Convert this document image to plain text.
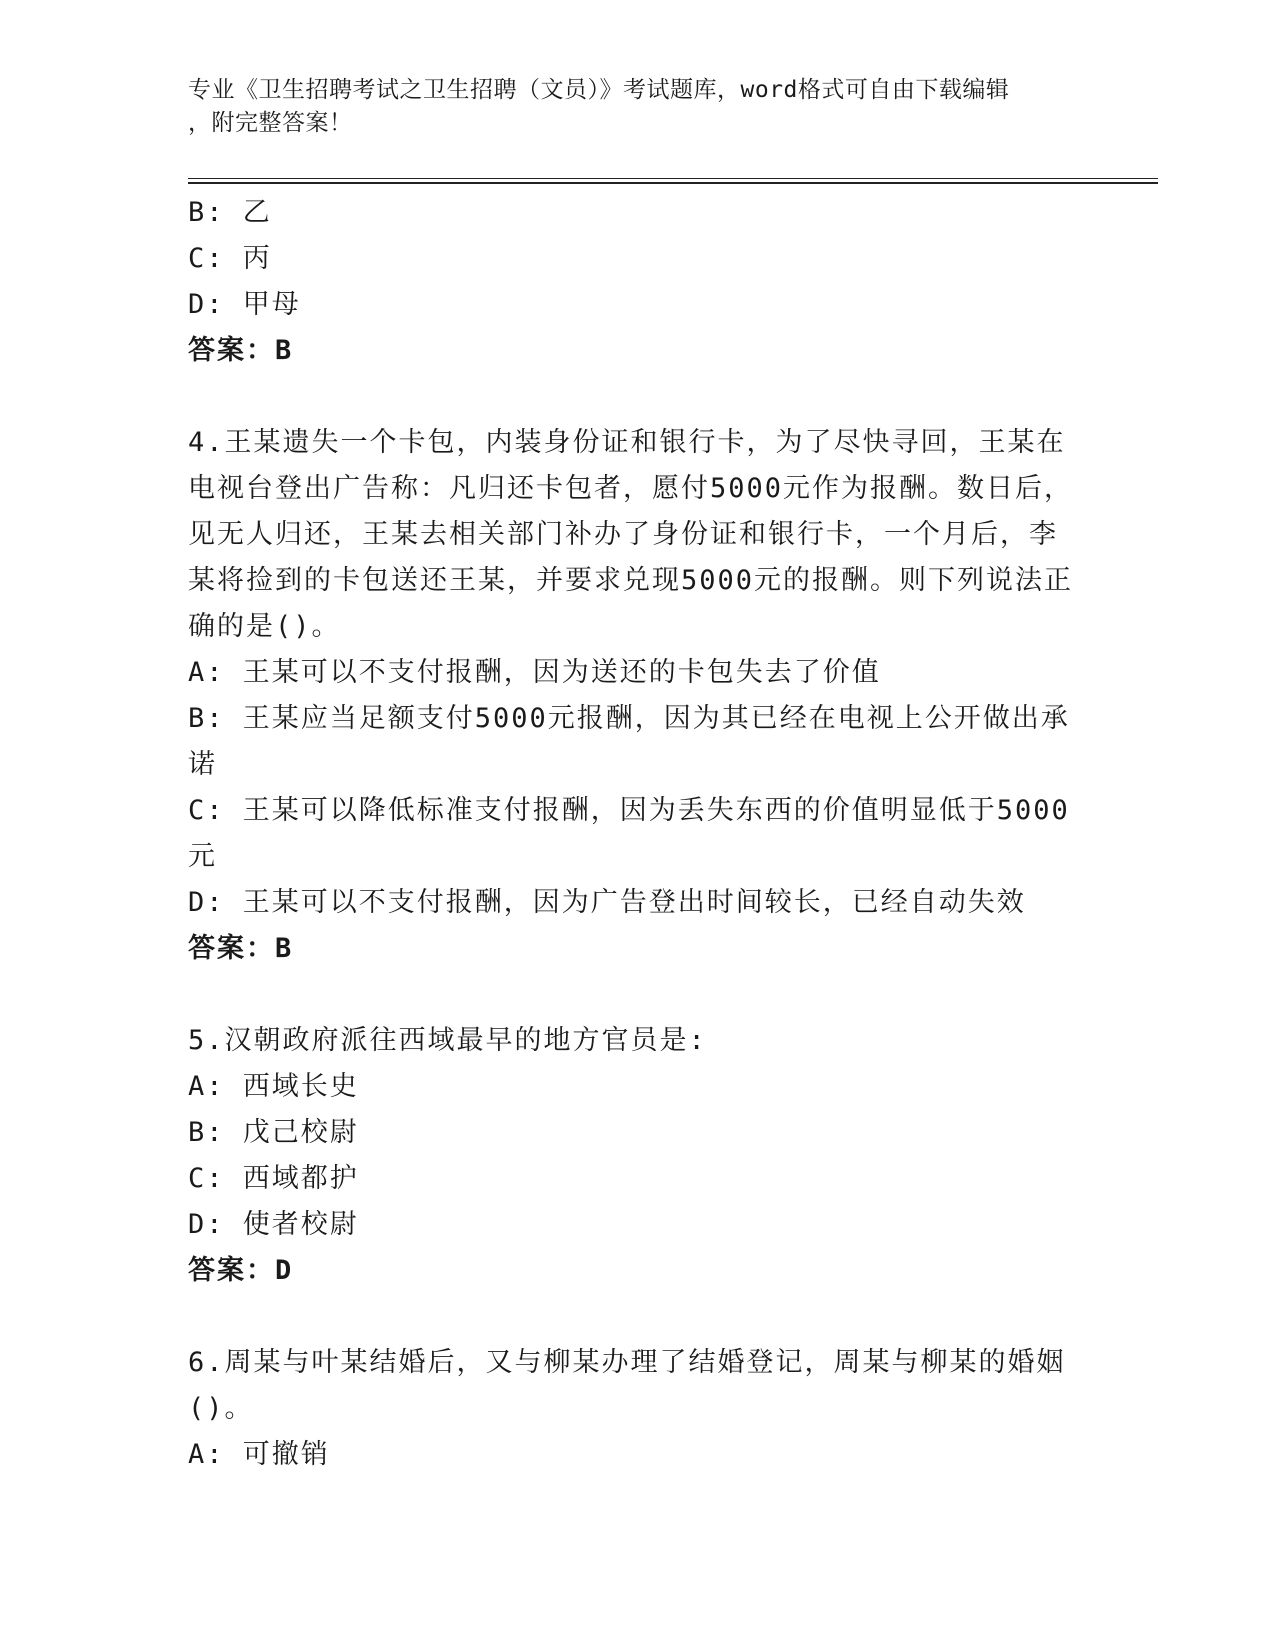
专业《卫生招聘考试之卫生招聘（文员）》考试题库，word格式可自由下载编辑
，附完整答案！
B: 乙
C: 丙
D: 甲母
答案：B
4.王某遗失一个卡包，内装身份证和银行卡，为了尽快寻回，王某在
电视台登出广告称：凡归还卡包者，愿付5000元作为报酬。数日后，
见无人归还，王某去相关部门补办了身份证和银行卡，一个月后，李
某将捡到的卡包送还王某，并要求兑现5000元的报酬。则下列说法正
确的是()。
A: 王某可以不支付报酬，因为送还的卡包失去了价值
B: 王某应当足额支付5000元报酬，因为其已经在电视上公开做出承
诺
C: 王某可以降低标准支付报酬，因为丢失东西的价值明显低于5000
元
D: 王某可以不支付报酬，因为广告登出时间较长，已经自动失效
答案：B
5.汉朝政府派往西域最早的地方官员是:
A: 西域长史
B: 戊己校尉
C: 西域都护
D: 使者校尉
答案：D
6.周某与叶某结婚后，又与柳某办理了结婚登记，周某与柳某的婚姻
()。
A: 可撤销
